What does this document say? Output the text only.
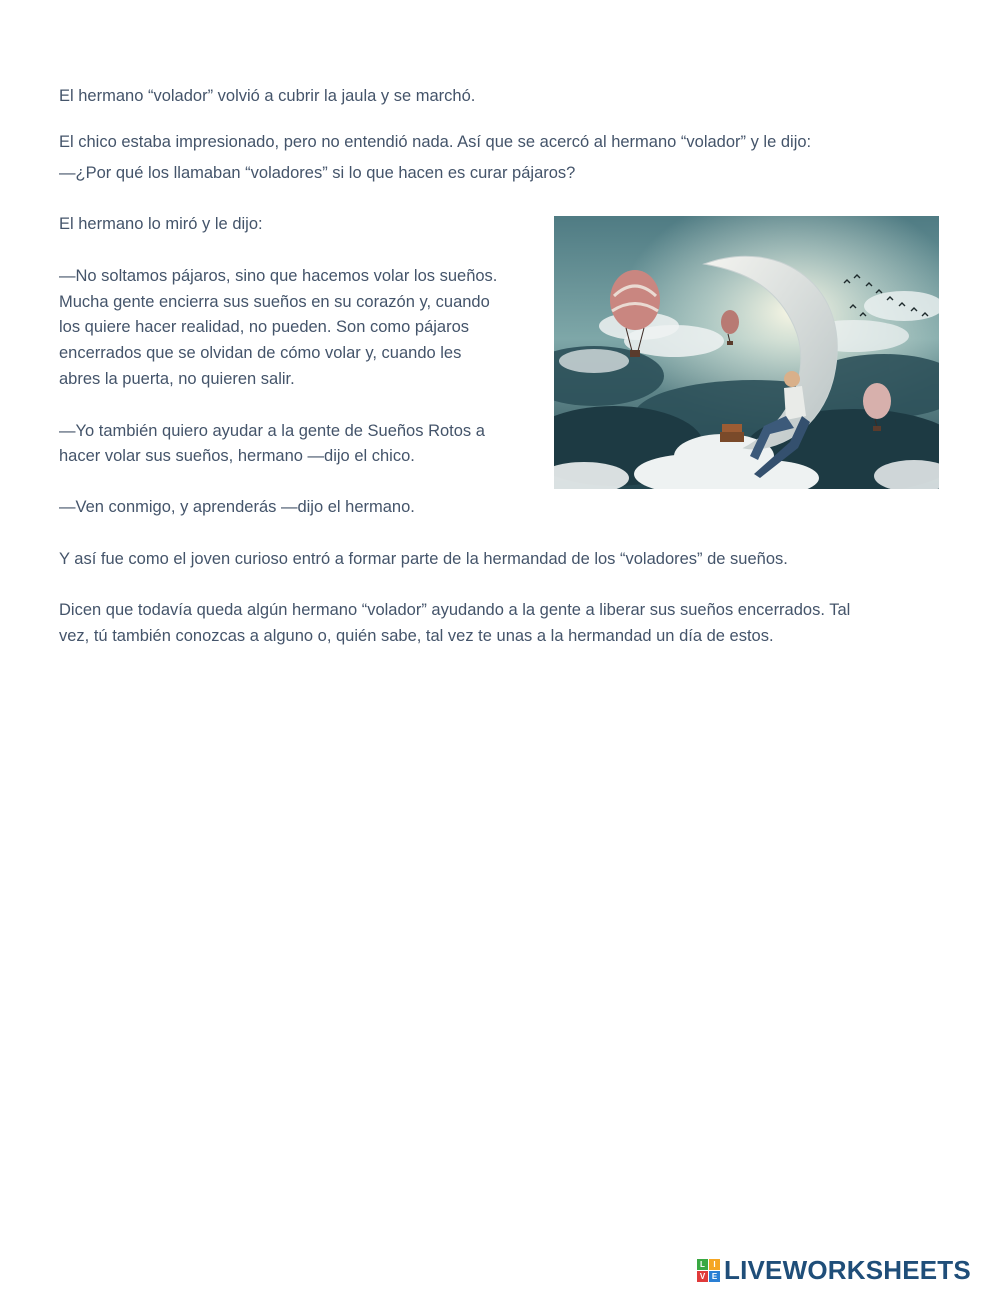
El hermano “volador” volvió a cubrir la jaula y se marchó.

El chico estaba impresionado, pero no entendió nada. Así que se acercó al hermano “volador” y le dijo:

—¿Por qué los llamaban “voladores” si lo que hacen es curar pájaros?

El hermano lo miró y le dijo:

—No soltamos pájaros, sino que hacemos volar los sueños.

Mucha gente encierra sus sueños en su corazón y, cuando

los quiere hacer realidad, no pueden. Son como pájaros

encerrados que se olvidan de cómo volar y, cuando les

abres la puerta, no quieren salir.

—Yo también quiero ayudar a la gente de Sueños Rotos a

hacer volar sus sueños, hermano —dijo el chico.

—Ven conmigo, y aprenderás —dijo el hermano.

Y así fue como el joven curioso entró a formar parte de la hermandad de los “voladores” de sueños.

Dicen que todavía queda algún hermano “volador” ayudando a la gente a liberar sus sueños encerrados. Tal

vez, tú también conozcas a alguno o, quién sabe, tal vez te unas a la hermandad un día de estos.

L	I
V E LIVEWORKSHEETS
